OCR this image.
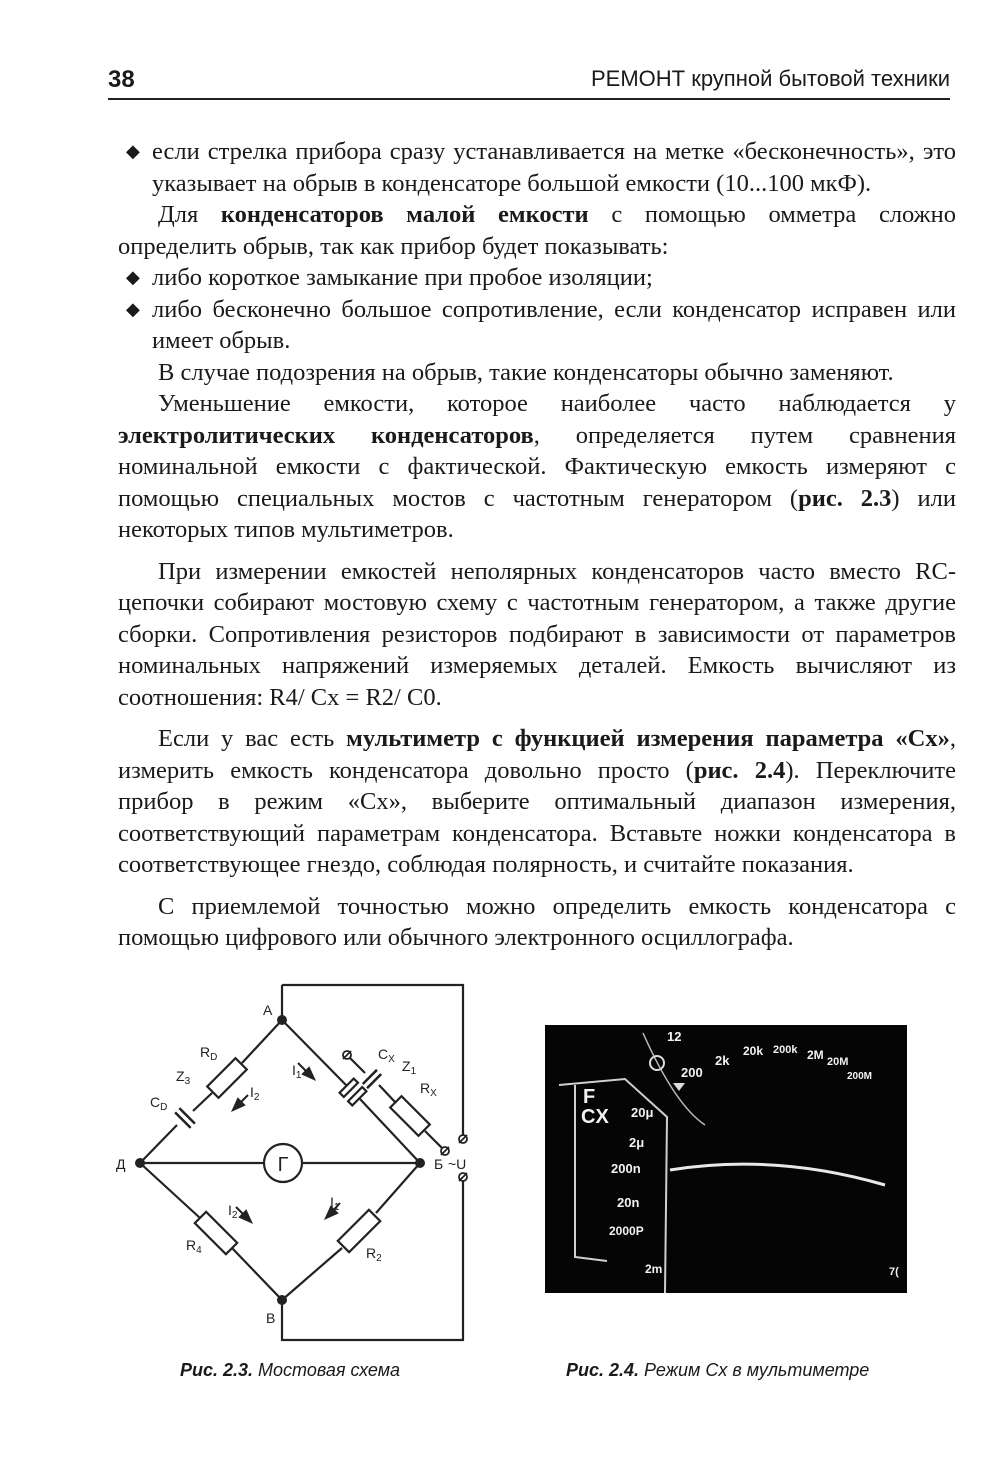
38	РЕМОНТ крупной бытовой техники

◆ если стрелка прибора сразу устанавливается на метке «бесконечность», это указывает на обрыв в конденсаторе большой емкости (10...100 мкФ).

Для конденсаторов малой емкости с помощью омметра сложно определить обрыв, так как прибор будет показывать:

◆ либо короткое замыкание при пробое изоляции;

◆ либо бесконечно большое сопротивление, если конденсатор исправен или имеет обрыв.

В случае подозрения на обрыв, такие конденсаторы обычно заменяют.

Уменьшение емкости, которое наиболее часто наблюдается у электролитических конденсаторов, определяется путем сравнения номинальной емкости с фактической. Фактическую емкость измеряют с помощью специальных мостов с частотным генератором (рис. 2.3) или некоторых типов мультиметров.

При измерении емкостей неполярных конденсаторов часто вместо RC-цепочки собирают мостовую схему с частотным генератором, а также другие сборки. Сопротивления резисторов подбирают в зависимости от параметров номинальных напряжений измеряемых деталей. Емкость вычисляют из соотношения: R4/ Cx = R2/ C0.

Если у вас есть мультиметр с функцией измерения параметра «Сх», измерить емкость конденсатора довольно просто (рис. 2.4). Переключите прибор в режим «Сх», выберите оптимальный диапазон измерения, соответствующий параметрам конденсатора. Вставьте ножки конденсатора в соответствующее гнездо, соблюдая полярность, и считайте показания.

С приемлемой точностью можно определить емкость конденсатора с помощью цифрового или обычного электронного осциллографа.

Г
А
Д	Б
В
~U
$R_D$
$C_D$
$Z_3$
$I_2$
$I_1$
$C_X$ $Z_1$
$R_X$
$I_2$
$R_4$
$I_1$
$R_2$
12
F
CX
200
2k
20k 200k 2M 20M
200M
20μ
2μ
200n
20n
2000P
2m	7(
Рис. 2.3. Мостовая схема	Рис. 2.4. Режим Сх в мультиметре
